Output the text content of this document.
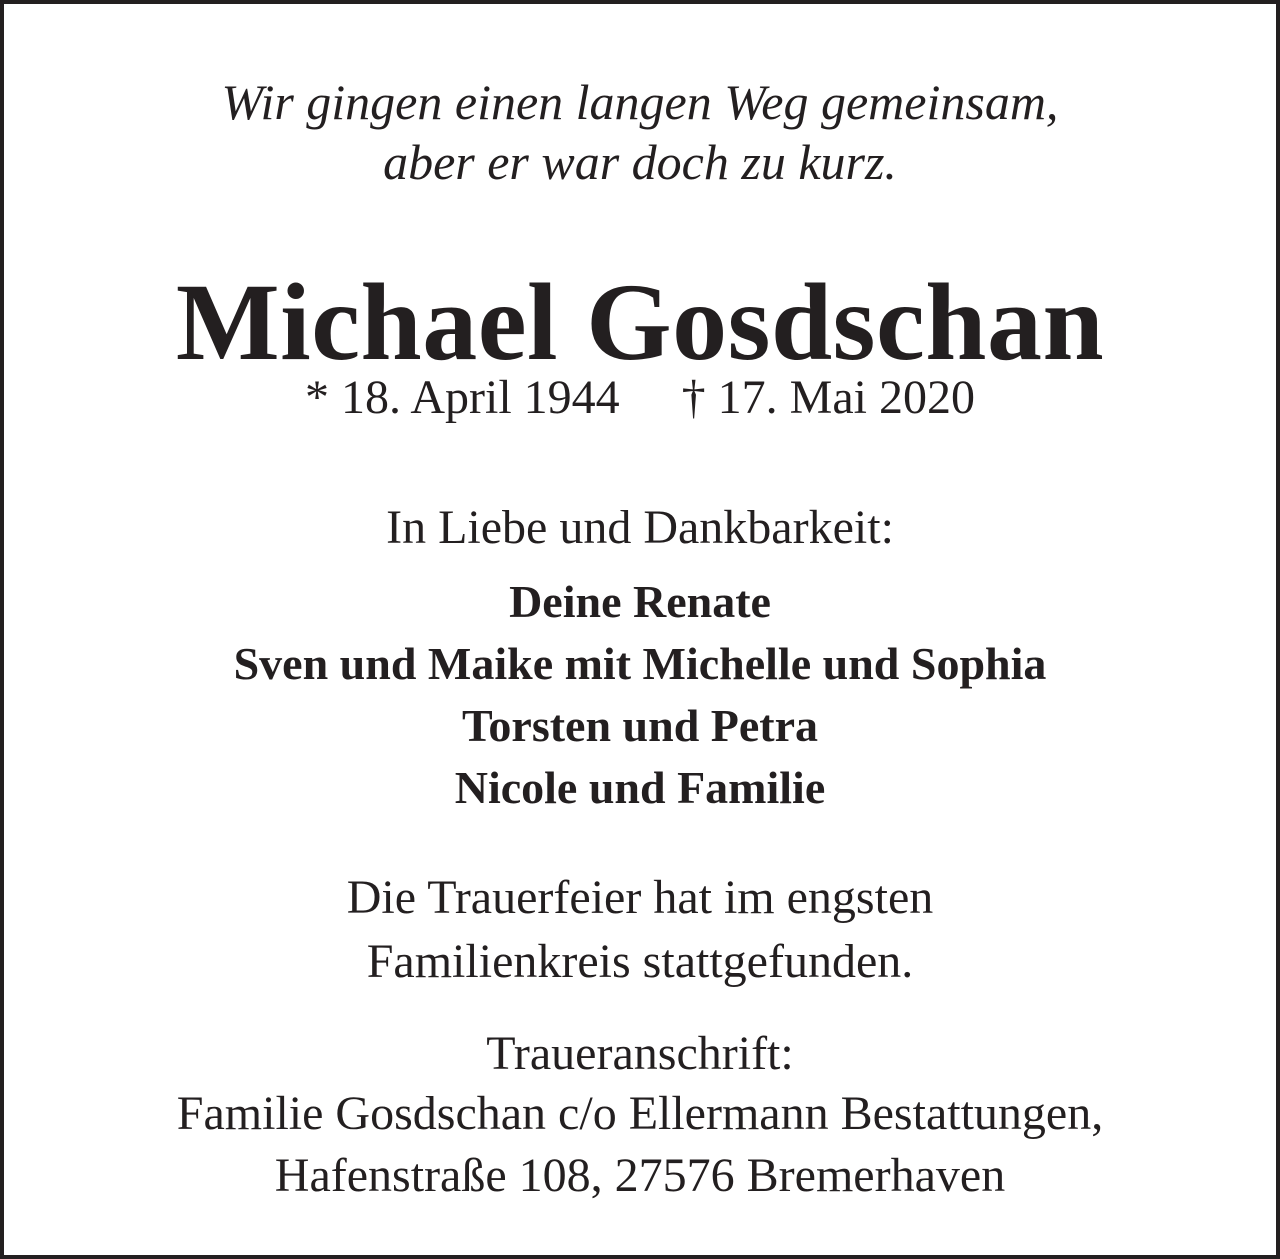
Wir gingen einen langen Weg gemeinsam,

aber er war doch zu kurz.

Michael Gosdschan

* 18. April 1944 † 17. Mai 2020

In Liebe und Dankbarkeit:

Deine Renate

Sven und Maike mit Michelle und Sophia

Torsten und Petra

Nicole und Familie

Die Trauerfeier hat im engsten

Familienkreis stattgefunden.

Traueranschrift:

Familie Gosdschan c/o Ellermann Bestattungen,

Hafenstraße 108, 27576 Bremerhaven
